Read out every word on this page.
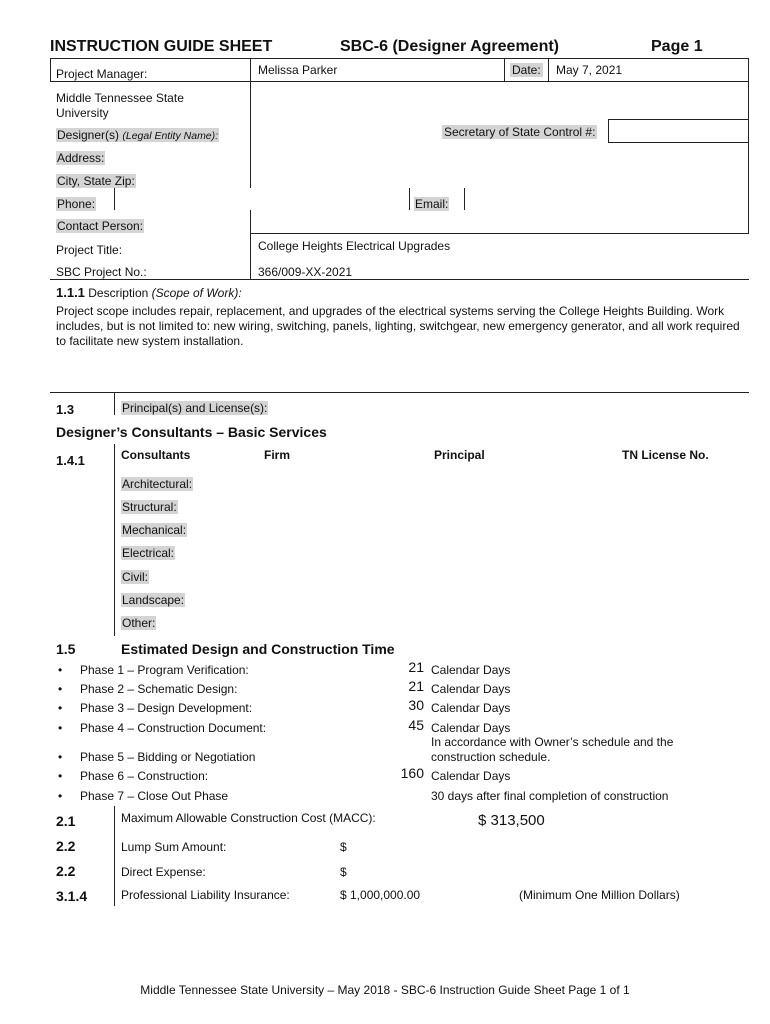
INSTRUCTION GUIDE SHEET	SBC-6 (Designer Agreement)	Page 1
Project Manager:	Melissa Parker	Date: May 7, 2021
Middle Tennessee State University
Designer(s) (Legal Entity Name):	Secretary of State Control #:
Address:
City, State Zip:
Phone:	Email:
Contact Person:
Project Title:	College Heights Electrical Upgrades
SBC Project No.:	366/009-XX-2021
1.1.1 Description (Scope of Work):
Project scope includes repair, replacement, and upgrades of the electrical systems serving the College Heights Building. Work includes, but is not limited to: new wiring, switching, panels, lighting, switchgear, new emergency generator, and all work required to facilitate new system installation.
1.3	Principal(s) and License(s):
Designer’s Consultants – Basic Services
1.4.1	Consultants	Firm	Principal	TN License No.
Architectural:
Structural:
Mechanical:
Electrical:
Civil:
Landscape:
Other:
1.5	Estimated Design and Construction Time
• Phase 1 – Program Verification:	21 Calendar Days
• Phase 2 – Schematic Design:	21 Calendar Days
• Phase 3 – Design Development:	30 Calendar Days
• Phase 4 – Construction Document:	45 Calendar Days
• Phase 5 – Bidding or Negotiation
In accordance with Owner’s schedule and the construction schedule.
• Phase 6 – Construction:	160 Calendar Days
• Phase 7 – Close Out Phase	30 days after final completion of construction
2.1	Maximum Allowable Construction Cost (MACC):	$ 313,500
2.2	Lump Sum Amount:	$
2.2	Direct Expense:	$
3.1.4	Professional Liability Insurance:	$ 1,000,000.00	(Minimum One Million Dollars)
Middle Tennessee State University – May 2018 - SBC-6 Instruction Guide Sheet Page 1 of 1
